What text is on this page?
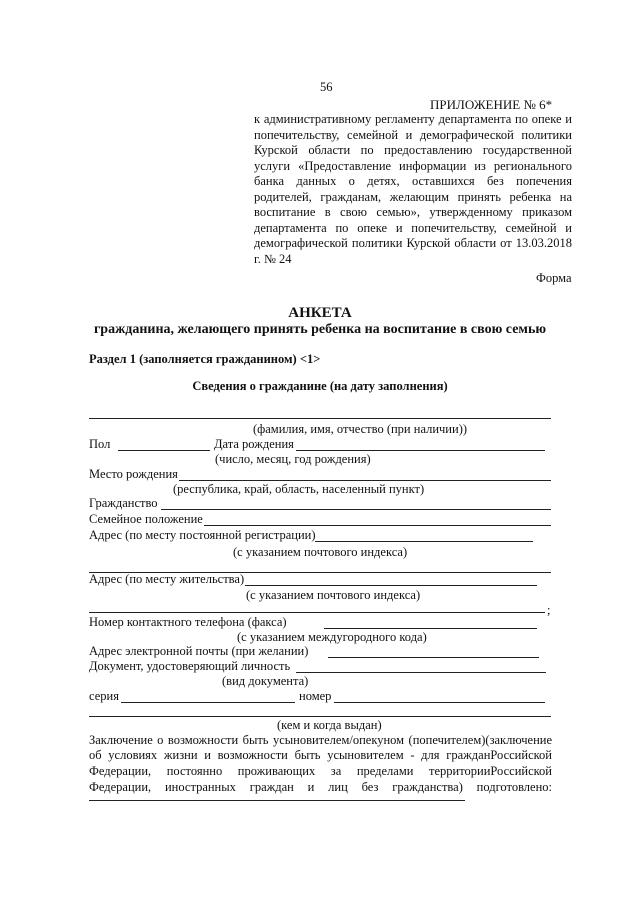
56
ПРИЛОЖЕНИЕ № 6*
к административному регламенту департамента по опеке и
попечительству, семейной и демографической политики
Курской области по предоставлению государственной
услуги «Предоставление информации из регионального
банка данных о детях, оставшихся без попечения
родителей, гражданам, желающим принять ребенка на
воспитание в свою семью», утвержденному приказом
департамента по опеке и попечительству, семейной и
демографической политики Курской области от 13.03.2018
г. № 24
Форма
АНКЕТА
гражданина, желающего принять ребенка на воспитание в свою семью
Раздел 1 (заполняется гражданином) <1>
Сведения о гражданине (на дату заполнения)
(фамилия, имя, отчество (при наличии))
Пол	Дата рождения
(число, месяц, год рождения)
Место рождения
(республика, край, область, населенный пункт)
Гражданство
Семейное положение
Адрес (по месту постоянной регистрации)
(с указанием почтового индекса)
Адрес (по месту жительства)
(с указанием почтового индекса)
;
Номер контактного телефона (факса)
(с указанием междугородного кода)
Адрес электронной почты (при желании)
Документ, удостоверяющий личность
(вид документа)
серия	номер
(кем и когда выдан)
Заключение о возможности быть усыновителем/опекуном (попечителем)(заключение
об условиях жизни и возможности быть усыновителем - для гражданРоссийской
Федерации, постоянно проживающих за пределами территорииРоссийской
Федерации, иностранных граждан и лиц без гражданства) подготовлено:
